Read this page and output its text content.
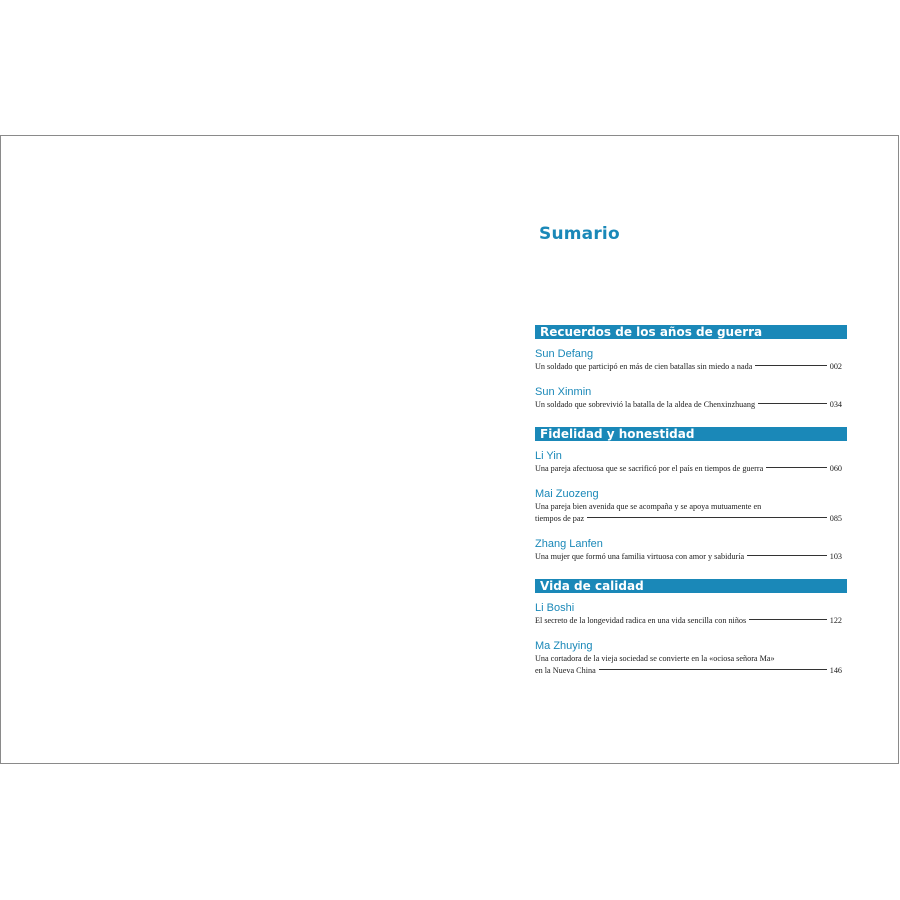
Sumario
Recuerdos de los años de guerra
Sun Defang
Un soldado que participó en más de cien batallas sin miedo a nada	002
Sun Xinmin
Un soldado que sobrevivió la batalla de la aldea de Chenxinzhuang	034
Fidelidad y honestidad
Li Yin
Una pareja afectuosa que se sacrificó por el país en tiempos de guerra	060
Mai Zuozeng
Una pareja bien avenida que se acompaña y se apoya mutuamente en
tiempos de paz	085
Zhang Lanfen
Una mujer que formó una familia virtuosa con amor y sabiduría	103
Vida de calidad
Li Boshi
El secreto de la longevidad radica en una vida sencilla con niños	122
Ma Zhuying
Una cortadora de la vieja sociedad se convierte en la «ociosa señora Ma»
en la Nueva China	146
